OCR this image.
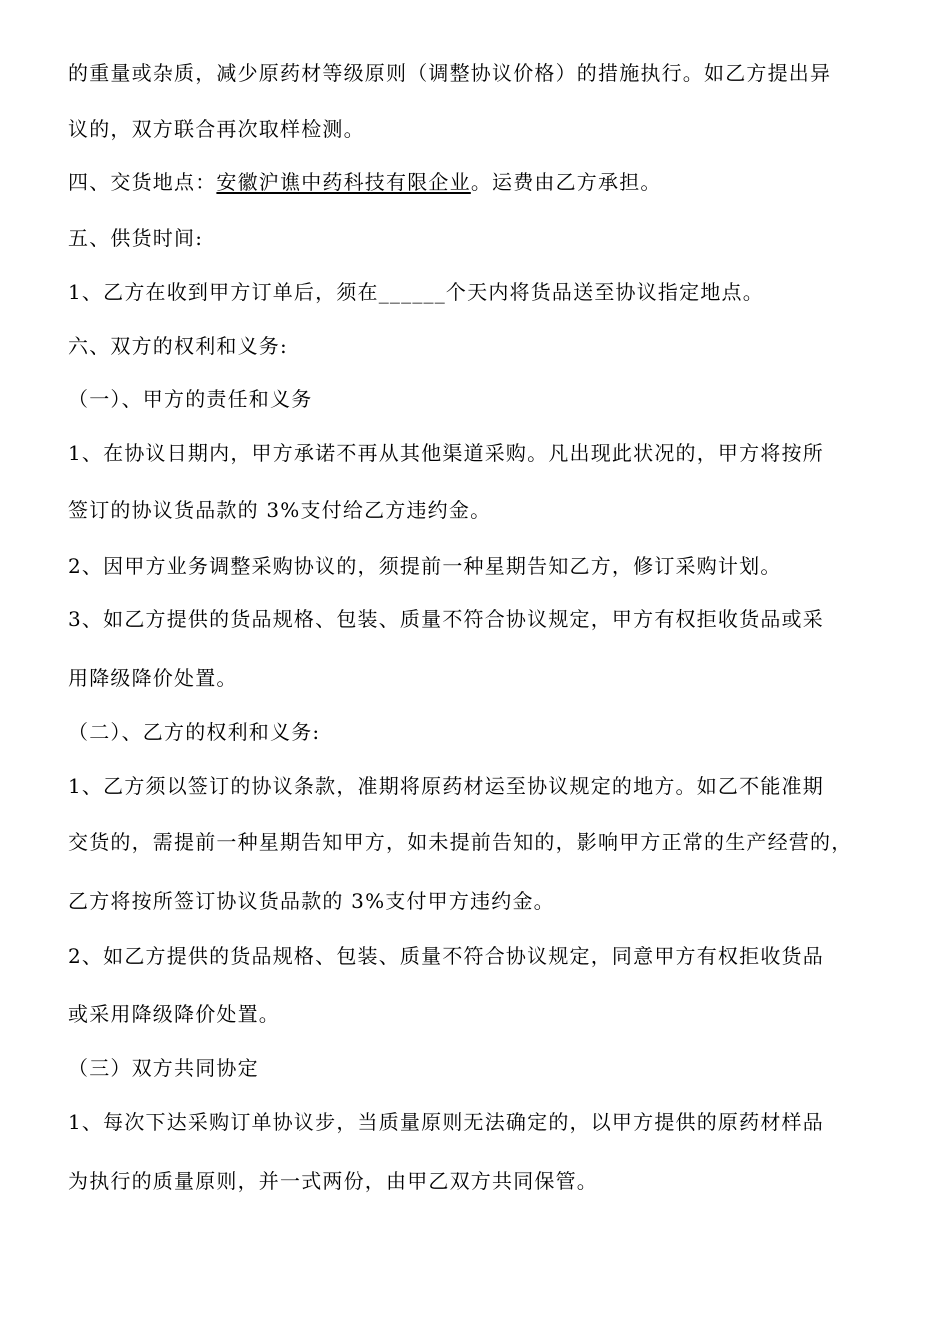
的重量或杂质，减少原药材等级原则（调整协议价格）的措施执行。如乙方提出异
议的，双方联合再次取样检测。
四、交货地点：安徽沪谯中药科技有限企业。运费由乙方承担。
五、供货时间:
1、乙方在收到甲方订单后，须在______个天内将货品送至协议指定地点。
六、双方的权利和义务:
（一）、甲方的责任和义务
1、在协议日期内，甲方承诺不再从其他渠道采购。凡出现此状况的，甲方将按所
签订的协议货品款的 3%支付给乙方违约金。
2、因甲方业务调整采购协议的，须提前一种星期告知乙方，修订采购计划。
3、如乙方提供的货品规格、包装、质量不符合协议规定，甲方有权拒收货品或采
用降级降价处置。
（二）、乙方的权利和义务:
1、乙方须以签订的协议条款，准期将原药材运至协议规定的地方。如乙不能准期
交货的，需提前一种星期告知甲方，如未提前告知的，影响甲方正常的生产经营的，
乙方将按所签订协议货品款的 3%支付甲方违约金。
2、如乙方提供的货品规格、包装、质量不符合协议规定，同意甲方有权拒收货品
或采用降级降价处置。
（三）双方共同协定
1、每次下达采购订单协议步，当质量原则无法确定的，以甲方提供的原药材样品
为执行的质量原则，并一式两份，由甲乙双方共同保管。
